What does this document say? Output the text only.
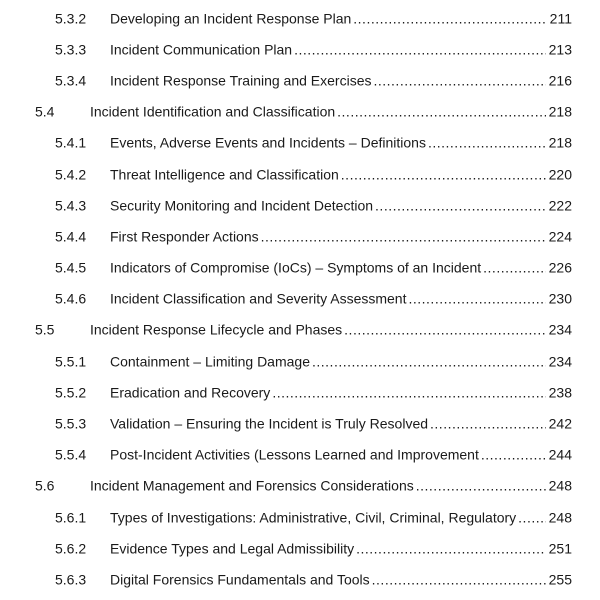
5.3.2 Developing an Incident Response Plan .....	211
5.3.3 Incident Communication Plan .....	213
5.3.4 Incident Response Training and Exercises .....	216
5.4	Incident Identification and Classification .....	218
5.4.1 Events, Adverse Events and Incidents – Definitions .....	218
5.4.2 Threat Intelligence and Classification .....	220
5.4.3 Security Monitoring and Incident Detection .....	222
5.4.4 First Responder Actions .....	224
5.4.5 Indicators of Compromise (IoCs) – Symptoms of an Incident .....	226
5.4.6 Incident Classification and Severity Assessment .....	230
5.5	Incident Response Lifecycle and Phases .....	234
5.5.1 Containment – Limiting Damage .....	234
5.5.2 Eradication and Recovery .....	238
5.5.3 Validation – Ensuring the Incident is Truly Resolved .....	242
5.5.4 Post-Incident Activities (Lessons Learned and Improvement .....	244
5.6	Incident Management and Forensics Considerations .....	248
5.6.1 Types of Investigations: Administrative, Civil, Criminal, Regulatory ..... 248
5.6.2 Evidence Types and Legal Admissibility .....	251
5.6.3 Digital Forensics Fundamentals and Tools .....	255
